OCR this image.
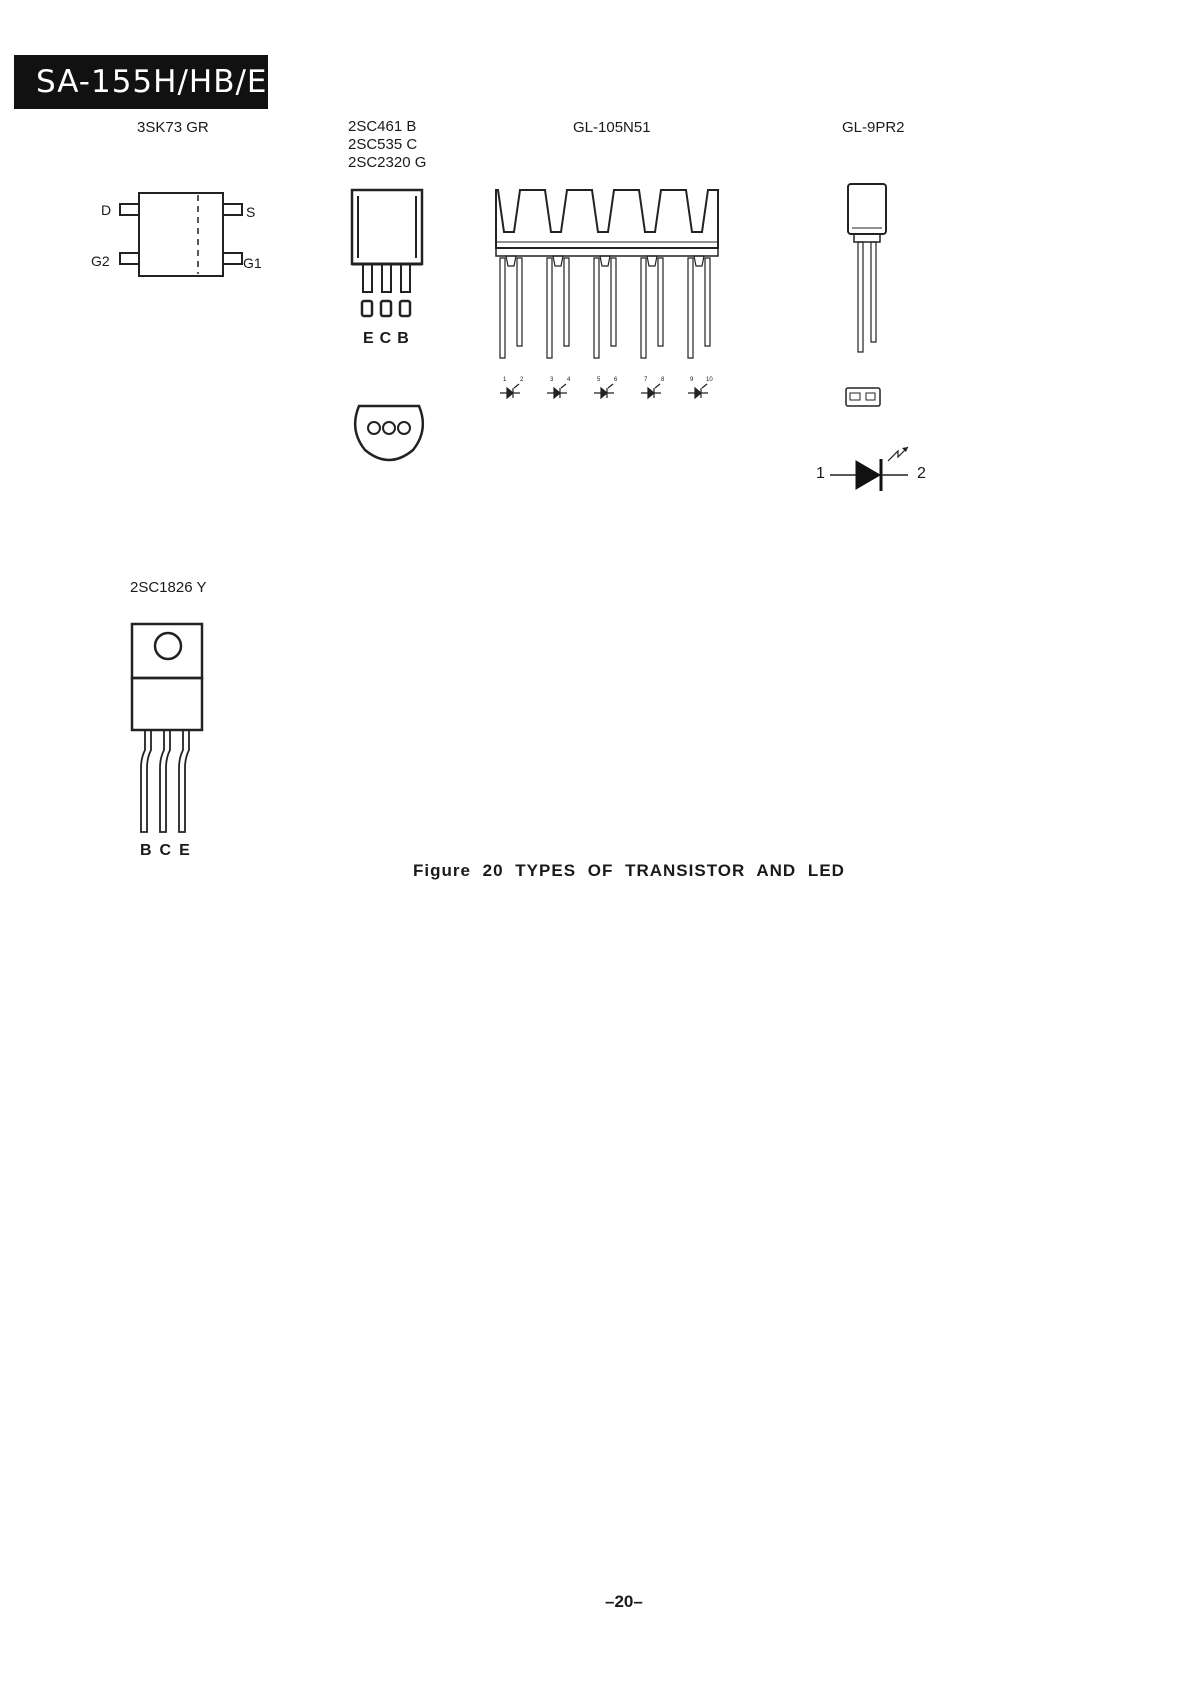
SA-155H/HB/E
3SK73 GR
D	S
G2	G1
2SC461 B
2SC535 C
2SC2320 G
ECB
GL-105N51
1 2	3 4	5 6	7 8	9 10
GL-9PR2
1	2
2SC1826 Y
BCE
Figure 20 TYPES OF TRANSISTOR AND LED
–20–
